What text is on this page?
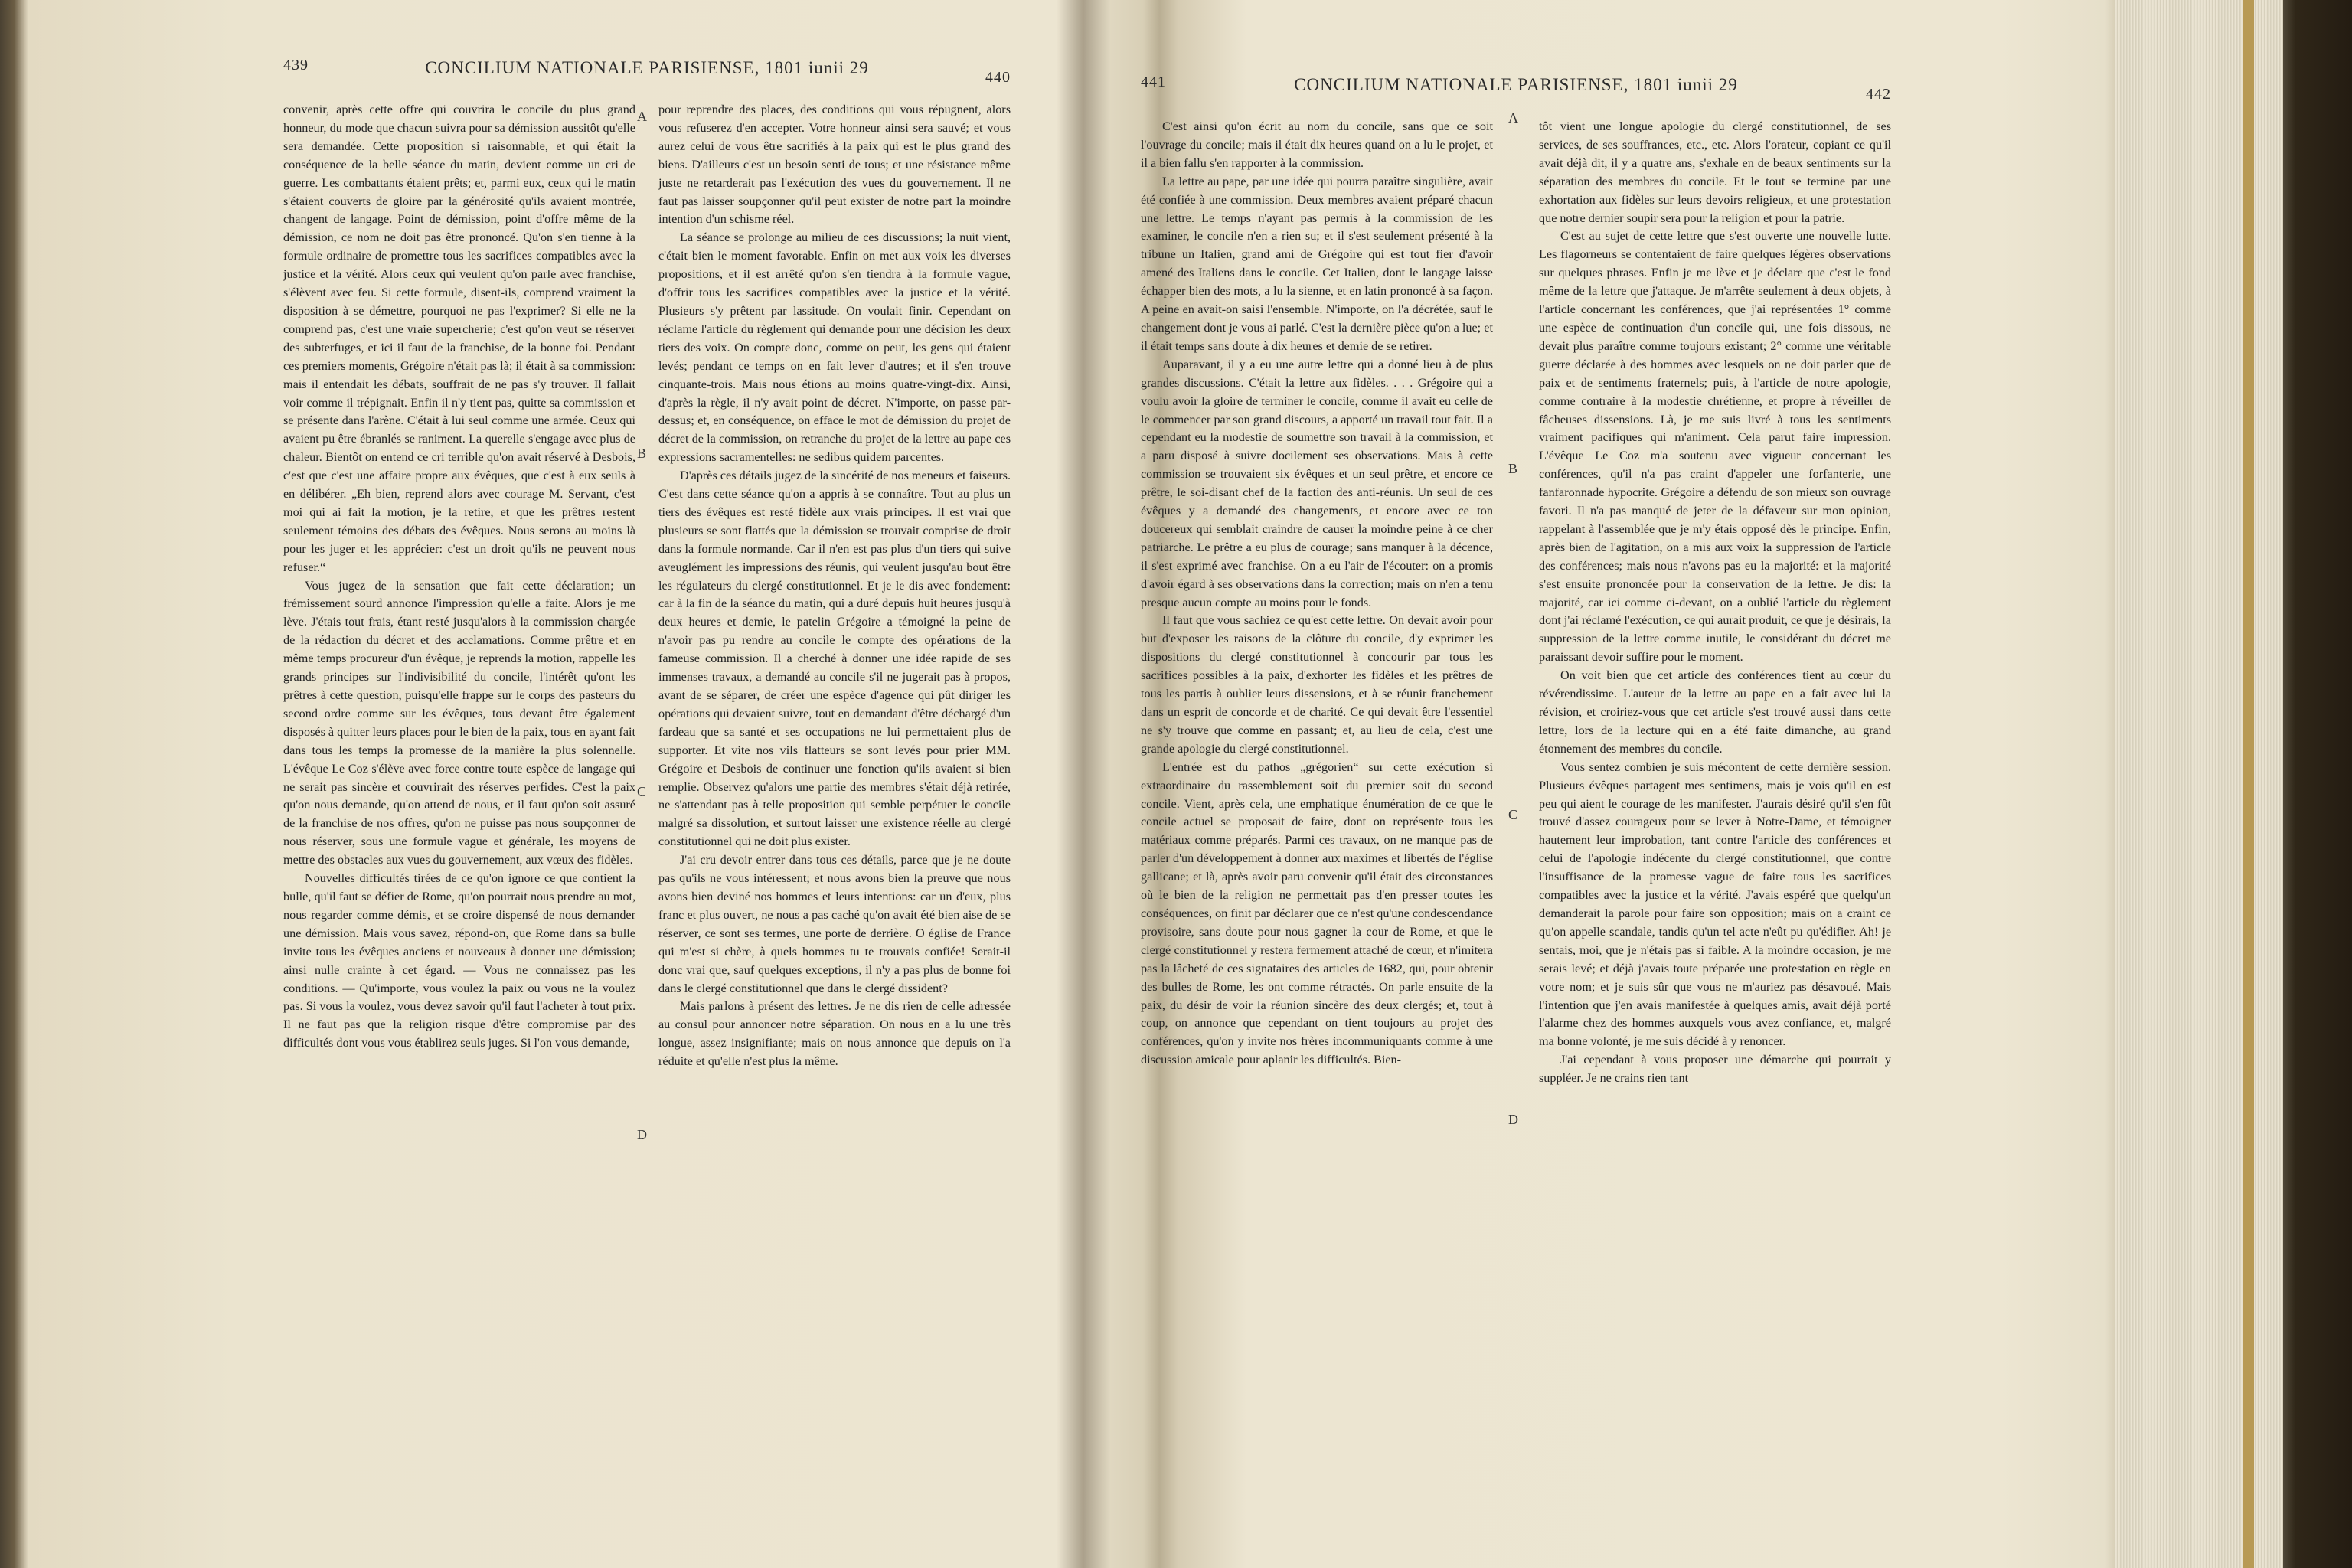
439	CONCILIUM NATIONALE PARISIENSE, 1801 iunii 29	440

convenir, après cette offre qui couvrira le concile du plus grand honneur, du mode que chacun suivra pour sa démission aussitôt qu'elle sera demandée. Cette proposition si raisonnable, et qui était la conséquence de la belle séance du matin, devient comme un cri de guerre. Les combattants étaient prêts; et, parmi eux, ceux qui le matin s'étaient couverts de gloire par la générosité qu'ils avaient montrée, changent de langage. Point de démission, point d'offre même de la démission, ce nom ne doit pas être prononcé. Qu'on s'en tienne à la formule ordinaire de promettre tous les sacrifices compatibles avec la justice et la vérité. Alors ceux qui veulent qu'on parle avec franchise, s'élèvent avec feu. Si cette formule, disent-ils, comprend vraiment la disposition à se démettre, pourquoi ne pas l'exprimer? Si elle ne la comprend pas, c'est une vraie supercherie; c'est qu'on veut se réserver des subterfuges, et ici il faut de la franchise, de la bonne foi. Pendant ces premiers moments, Grégoire n'était pas là; il était à sa commission: mais il entendait les débats, souffrait de ne pas s'y trouver. Il fallait voir comme il trépignait. Enfin il n'y tient pas, quitte sa commission et se présente dans l'arène. C'était à lui seul comme une armée. Ceux qui avaient pu être ébranlés se raniment. La querelle s'engage avec plus de chaleur. Bientôt on entend ce cri terrible qu'on avait réservé à Desbois, c'est que c'est une affaire propre aux évêques, que c'est à eux seuls à en délibérer. „Eh bien, reprend alors avec courage M. Servant, c'est moi qui ai fait la motion, je la retire, et que les prêtres restent seulement témoins des débats des évêques. Nous serons au moins là pour les juger et les apprécier: c'est un droit qu'ils ne peuvent nous refuser.“

Vous jugez de la sensation que fait cette déclaration; un frémissement sourd annonce l'impression qu'elle a faite. Alors je me lève. J'étais tout frais, étant resté jusqu'alors à la commission chargée de la rédaction du décret et des acclamations. Comme prêtre et en même temps procureur d'un évêque, je reprends la motion, rappelle les grands principes sur l'indivisibilité du concile, l'intérêt qu'ont les prêtres à cette question, puisqu'elle frappe sur le corps des pasteurs du second ordre comme sur les évêques, tous devant être également disposés à quitter leurs places pour le bien de la paix, tous en ayant fait dans tous les temps la promesse de la manière la plus solennelle. L'évêque Le Coz s'élève avec force contre toute espèce de langage qui ne serait pas sincère et couvrirait des réserves perfides. C'est la paix qu'on nous demande, qu'on attend de nous, et il faut qu'on soit assuré de la franchise de nos offres, qu'on ne puisse pas nous soupçonner de nous réserver, sous une formule vague et générale, les moyens de mettre des obstacles aux vues du gouvernement, aux vœux des fidèles.

Nouvelles difficultés tirées de ce qu'on ignore ce que contient la bulle, qu'il faut se défier de Rome, qu'on pourrait nous prendre au mot, nous regarder comme démis, et se croire dispensé de nous demander une démission. Mais vous savez, répond-on, que Rome dans sa bulle invite tous les évêques anciens et nouveaux à donner une démission; ainsi nulle crainte à cet égard. — Vous ne connaissez pas les conditions. — Qu'importe, vous voulez la paix ou vous ne la voulez pas. Si vous la voulez, vous devez savoir qu'il faut l'acheter à tout prix. Il ne faut pas que la religion risque d'être compromise par des difficultés dont vous vous établirez seuls juges. Si l'on vous demande,

pour reprendre des places, des conditions qui vous répugnent, alors vous refuserez d'en accepter. Votre honneur ainsi sera sauvé; et vous aurez celui de vous être sacrifiés à la paix qui est le plus grand des biens. D'ailleurs c'est un besoin senti de tous; et une résistance même juste ne retarderait pas l'exécution des vues du gouvernement. Il ne faut pas laisser soupçonner qu'il peut exister de notre part la moindre intention d'un schisme réel.

La séance se prolonge au milieu de ces discussions; la nuit vient, c'était bien le moment favorable. Enfin on met aux voix les diverses propositions, et il est arrêté qu'on s'en tiendra à la formule vague, d'offrir tous les sacrifices compatibles avec la justice et la vérité. Plusieurs s'y prêtent par lassitude. On voulait finir. Cependant on réclame l'article du règlement qui demande pour une décision les deux tiers des voix. On compte donc, comme on peut, les gens qui étaient levés; pendant ce temps on en fait lever d'autres; et il s'en trouve cinquante-trois. Mais nous étions au moins quatre-vingt-dix. Ainsi, d'après la règle, il n'y avait point de décret. N'importe, on passe par-dessus; et, en conséquence, on efface le mot de démission du projet de décret de la commission, on retranche du projet de la lettre au pape ces expressions sacramentelles: ne sedibus quidem parcentes.

D'après ces détails jugez de la sincérité de nos meneurs et faiseurs. C'est dans cette séance qu'on a appris à se connaître. Tout au plus un tiers des évêques est resté fidèle aux vrais principes. Il est vrai que plusieurs se sont flattés que la démission se trouvait comprise de droit dans la formule normande. Car il n'en est pas plus d'un tiers qui suive aveuglément les impressions des réunis, qui veulent jusqu'au bout être les régulateurs du clergé constitutionnel. Et je le dis avec fondement: car à la fin de la séance du matin, qui a duré depuis huit heures jusqu'à deux heures et demie, le patelin Grégoire a témoigné la peine de n'avoir pas pu rendre au concile le compte des opérations de la fameuse commission. Il a cherché à donner une idée rapide de ses immenses travaux, a demandé au concile s'il ne jugerait pas à propos, avant de se séparer, de créer une espèce d'agence qui pût diriger les opérations qui devaient suivre, tout en demandant d'être déchargé d'un fardeau que sa santé et ses occupations ne lui permettaient plus de supporter. Et vite nos vils flatteurs se sont levés pour prier MM. Grégoire et Desbois de continuer une fonction qu'ils avaient si bien remplie. Observez qu'alors une partie des membres s'était déjà retirée, ne s'attendant pas à telle proposition qui semble perpétuer le concile malgré sa dissolution, et surtout laisser une existence réelle au clergé constitutionnel qui ne doit plus exister.

J'ai cru devoir entrer dans tous ces détails, parce que je ne doute pas qu'ils ne vous intéressent; et nous avons bien la preuve que nous avons bien deviné nos hommes et leurs intentions: car un d'eux, plus franc et plus ouvert, ne nous a pas caché qu'on avait été bien aise de se réserver, ce sont ses termes, une porte de derrière. O église de France qui m'est si chère, à quels hommes tu te trouvais confiée! Serait-il donc vrai que, sauf quelques exceptions, il n'y a pas plus de bonne foi dans le clergé constitutionnel que dans le clergé dissident?

Mais parlons à présent des lettres. Je ne dis rien de celle adressée au consul pour annoncer notre séparation. On nous en a lu une très longue, assez insignifiante; mais on nous annonce que depuis on l'a réduite et qu'elle n'est plus la même.

A
B
C
D
441	CONCILIUM NATIONALE PARISIENSE, 1801 iunii 29	442

C'est ainsi qu'on écrit au nom du concile, sans que ce soit l'ouvrage du concile; mais il était dix heures quand on a lu le projet, et il a bien fallu s'en rapporter à la commission.

La lettre au pape, par une idée qui pourra paraître singulière, avait été confiée à une commission. Deux membres avaient préparé chacun une lettre. Le temps n'ayant pas permis à la commission de les examiner, le concile n'en a rien su; et il s'est seulement présenté à la tribune un Italien, grand ami de Grégoire qui est tout fier d'avoir amené des Italiens dans le concile. Cet Italien, dont le langage laisse échapper bien des mots, a lu la sienne, et en latin prononcé à sa façon. A peine en avait-on saisi l'ensemble. N'importe, on l'a décrétée, sauf le changement dont je vous ai parlé. C'est la dernière pièce qu'on a lue; et il était temps sans doute à dix heures et demie de se retirer.

Auparavant, il y a eu une autre lettre qui a donné lieu à de plus grandes discussions. C'était la lettre aux fidèles. . . . Grégoire qui a voulu avoir la gloire de terminer le concile, comme il avait eu celle de le commencer par son grand discours, a apporté un travail tout fait. Il a cependant eu la modestie de soumettre son travail à la commission, et a paru disposé à suivre docilement ses observations. Mais à cette commission se trouvaient six évêques et un seul prêtre, et encore ce prêtre, le soi-disant chef de la faction des anti-réunis. Un seul de ces évêques y a demandé des changements, et encore avec ce ton doucereux qui semblait craindre de causer la moindre peine à ce cher patriarche. Le prêtre a eu plus de courage; sans manquer à la décence, il s'est exprimé avec franchise. On a eu l'air de l'écouter: on a promis d'avoir égard à ses observations dans la correction; mais on n'en a tenu presque aucun compte au moins pour le fonds.

Il faut que vous sachiez ce qu'est cette lettre. On devait avoir pour but d'exposer les raisons de la clôture du concile, d'y exprimer les dispositions du clergé constitutionnel à concourir par tous les sacrifices possibles à la paix, d'exhorter les fidèles et les prêtres de tous les partis à oublier leurs dissensions, et à se réunir franchement dans un esprit de concorde et de charité. Ce qui devait être l'essentiel ne s'y trouve que comme en passant; et, au lieu de cela, c'est une grande apologie du clergé constitutionnel.

L'entrée est du pathos „grégorien“ sur cette exécution si extraordinaire du rassemblement soit du premier soit du second concile. Vient, après cela, une emphatique énumération de ce que le concile actuel se proposait de faire, dont on représente tous les matériaux comme préparés. Parmi ces travaux, on ne manque pas de parler d'un développement à donner aux maximes et libertés de l'église gallicane; et là, après avoir paru convenir qu'il était des circonstances où le bien de la religion ne permettait pas d'en presser toutes les conséquences, on finit par déclarer que ce n'est qu'une condescendance provisoire, sans doute pour nous gagner la cour de Rome, et que le clergé constitutionnel y restera fermement attaché de cœur, et n'imitera pas la lâcheté de ces signataires des articles de 1682, qui, pour obtenir des bulles de Rome, les ont comme rétractés. On parle ensuite de la paix, du désir de voir la réunion sincère des deux clergés; et, tout à coup, on annonce que cependant on tient toujours au projet des conférences, qu'on y invite nos frères incommuniquants comme à une discussion amicale pour aplanir les difficultés. Bien-

tôt vient une longue apologie du clergé constitutionnel, de ses services, de ses souffrances, etc., etc. Alors l'orateur, copiant ce qu'il avait déjà dit, il y a quatre ans, s'exhale en de beaux sentiments sur la séparation des membres du concile. Et le tout se termine par une exhortation aux fidèles sur leurs devoirs religieux, et une protestation que notre dernier soupir sera pour la religion et pour la patrie.

C'est au sujet de cette lettre que s'est ouverte une nouvelle lutte. Les flagorneurs se contentaient de faire quelques légères observations sur quelques phrases. Enfin je me lève et je déclare que c'est le fond même de la lettre que j'attaque. Je m'arrête seulement à deux objets, à l'article concernant les conférences, que j'ai représentées 1° comme une espèce de continuation d'un concile qui, une fois dissous, ne devait plus paraître comme toujours existant; 2° comme une véritable guerre déclarée à des hommes avec lesquels on ne doit parler que de paix et de sentiments fraternels; puis, à l'article de notre apologie, comme contraire à la modestie chrétienne, et propre à réveiller de fâcheuses dissensions. Là, je me suis livré à tous les sentiments vraiment pacifiques qui m'animent. Cela parut faire impression. L'évêque Le Coz m'a soutenu avec vigueur concernant les conférences, qu'il n'a pas craint d'appeler une forfanterie, une fanfaronnade hypocrite. Grégoire a défendu de son mieux son ouvrage favori. Il n'a pas manqué de jeter de la défaveur sur mon opinion, rappelant à l'assemblée que je m'y étais opposé dès le principe. Enfin, après bien de l'agitation, on a mis aux voix la suppression de l'article des conférences; mais nous n'avons pas eu la majorité: et la majorité s'est ensuite prononcée pour la conservation de la lettre. Je dis: la majorité, car ici comme ci-devant, on a oublié l'article du règlement dont j'ai réclamé l'exécution, ce qui aurait produit, ce que je désirais, la suppression de la lettre comme inutile, le considérant du décret me paraissant devoir suffire pour le moment.

On voit bien que cet article des conférences tient au cœur du révérendissime. L'auteur de la lettre au pape en a fait avec lui la révision, et croiriez-vous que cet article s'est trouvé aussi dans cette lettre, lors de la lecture qui en a été faite dimanche, au grand étonnement des membres du concile.

Vous sentez combien je suis mécontent de cette dernière session. Plusieurs évêques partagent mes sentimens, mais je vois qu'il en est peu qui aient le courage de les manifester. J'aurais désiré qu'il s'en fût trouvé d'assez courageux pour se lever à Notre-Dame, et témoigner hautement leur improbation, tant contre l'article des conférences et celui de l'apologie indécente du clergé constitutionnel, que contre l'insuffisance de la promesse vague de faire tous les sacrifices compatibles avec la justice et la vérité. J'avais espéré que quelqu'un demanderait la parole pour faire son opposition; mais on a craint ce qu'on appelle scandale, tandis qu'un tel acte n'eût pu qu'édifier. Ah! je sentais, moi, que je n'étais pas si faible. A la moindre occasion, je me serais levé; et déjà j'avais toute préparée une protestation en règle en votre nom; et je suis sûr que vous ne m'auriez pas désavoué. Mais l'intention que j'en avais manifestée à quelques amis, avait déjà porté l'alarme chez des hommes auxquels vous avez confiance, et, malgré ma bonne volonté, je me suis décidé à y renoncer.

J'ai cependant à vous proposer une démarche qui pourrait y suppléer. Je ne crains rien tant

A
B
C
D
